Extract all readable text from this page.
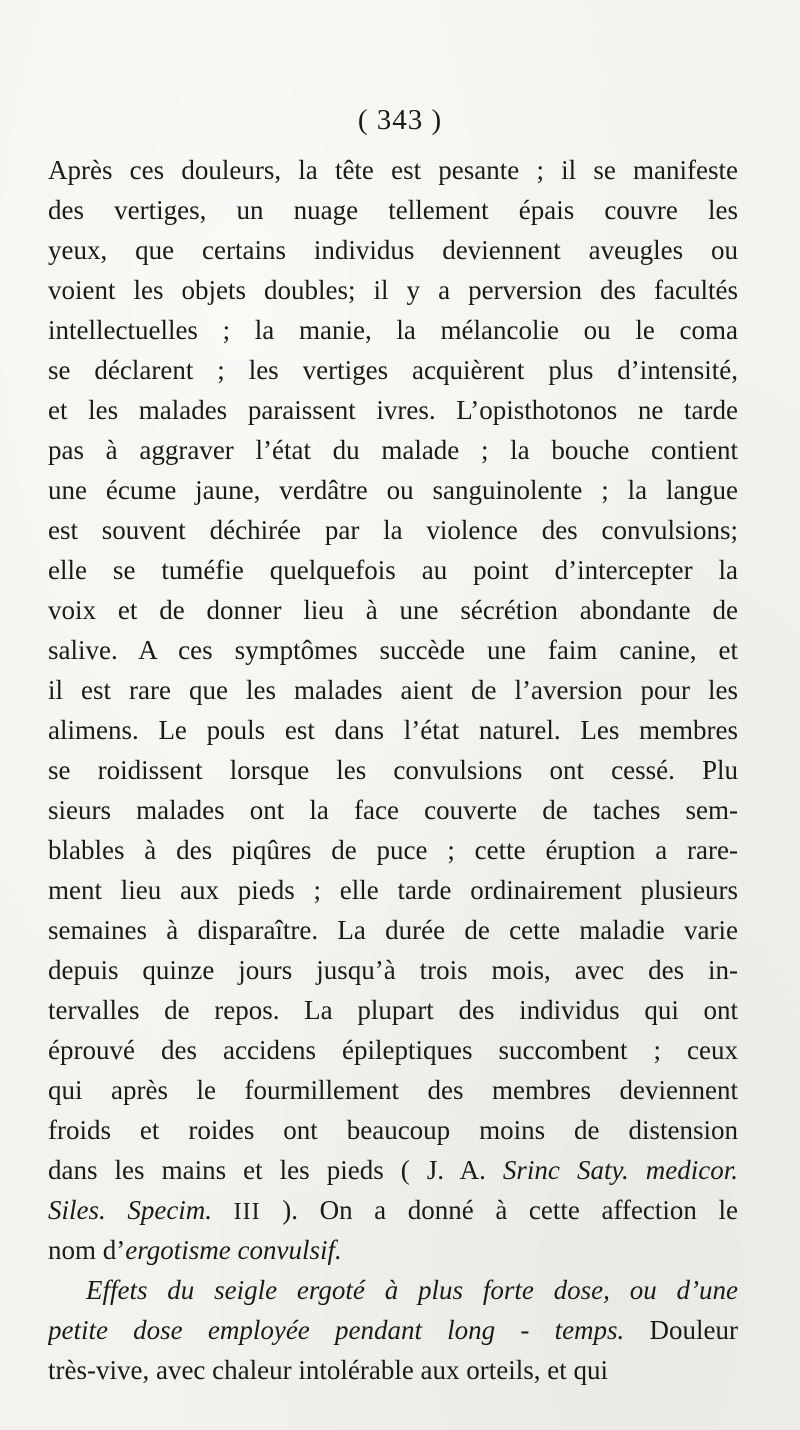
( 343 )
Après ces douleurs, la tête est pesante ; il se manifeste
des vertiges, un nuage tellement épais couvre les
yeux, que certains individus deviennent aveugles ou
voient les objets doubles; il y a perversion des facultés
intellectuelles ; la manie, la mélancolie ou le coma
se déclarent ; les vertiges acquièrent plus d’intensité,
et les malades paraissent ivres. L’opisthotonos ne tarde
pas à aggraver l’état du malade ; la bouche contient
une écume jaune, verdâtre ou sanguinolente ; la langue
est souvent déchirée par la violence des convulsions;
elle se tuméfie quelquefois au point d’intercepter la
voix et de donner lieu à une sécrétion abondante de
salive. A ces symptômes succède une faim canine, et
il est rare que les malades aient de l’aversion pour les
alimens. Le pouls est dans l’état naturel. Les membres
se roidissent lorsque les convulsions ont cessé. Plu
sieurs malades ont la face couverte de taches sem-
blables à des piqûres de puce ; cette éruption a rare-
ment lieu aux pieds ; elle tarde ordinairement plusieurs
semaines à disparaître. La durée de cette maladie varie
depuis quinze jours jusqu’à trois mois, avec des in-
tervalles de repos. La plupart des individus qui ont
éprouvé des accidens épileptiques succombent ; ceux
qui après le fourmillement des membres deviennent
froids et roides ont beaucoup moins de distension
dans les mains et les pieds ( J. A. Srinc Saty. medicor.
Siles. Specim. III ). On a donné à cette affection le
nom d’ergotisme convulsif.
Effets du seigle ergoté à plus forte dose, ou d’une
petite dose employée pendant long - temps. Douleur
très-vive, avec chaleur intolérable aux orteils, et qui
